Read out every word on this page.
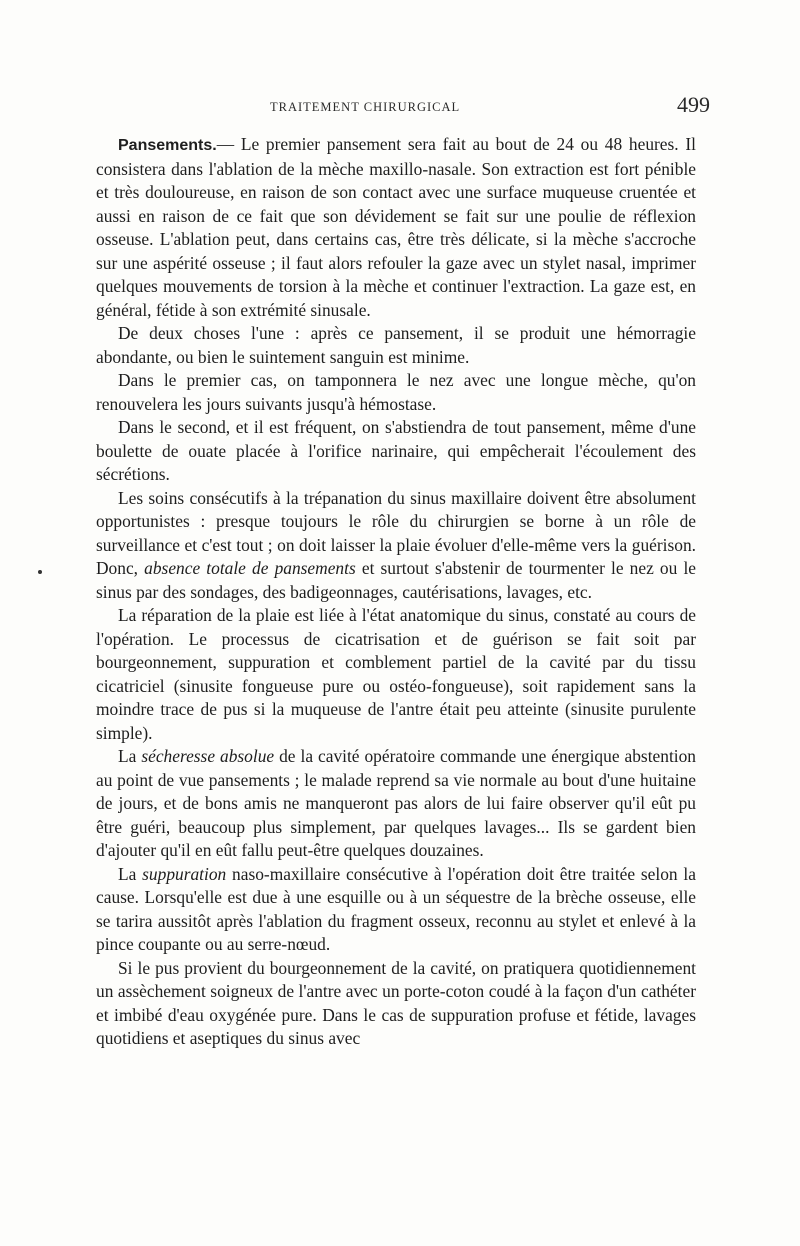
TRAITEMENT CHIRURGICAL	499

Pansements.— Le premier pansement sera fait au bout de 24 ou 48 heures. Il consistera dans l'ablation de la mèche maxillo-nasale. Son extraction est fort pénible et très douloureuse, en raison de son contact avec une surface muqueuse cruentée et aussi en raison de ce fait que son dévidement se fait sur une poulie de réflexion osseuse. L'ablation peut, dans certains cas, être très délicate, si la mèche s'accroche sur une aspérité osseuse ; il faut alors refouler la gaze avec un stylet nasal, imprimer quelques mouvements de torsion à la mèche et continuer l'extraction. La gaze est, en général, fétide à son extrémité sinusale.

De deux choses l'une : après ce pansement, il se produit une hémorragie abondante, ou bien le suintement sanguin est minime.

Dans le premier cas, on tamponnera le nez avec une longue mèche, qu'on renouvelera les jours suivants jusqu'à hémostase.

Dans le second, et il est fréquent, on s'abstiendra de tout pansement, même d'une boulette de ouate placée à l'orifice narinaire, qui empêcherait l'écoulement des sécrétions.

Les soins consécutifs à la trépanation du sinus maxillaire doivent être absolument opportunistes : presque toujours le rôle du chirurgien se borne à un rôle de surveillance et c'est tout ; on doit laisser la plaie évoluer d'elle-même vers la guérison. Donc, absence totale de pansements et surtout s'abstenir de tourmenter le nez ou le sinus par des sondages, des badigeonnages, cautérisations, lavages, etc.

La réparation de la plaie est liée à l'état anatomique du sinus, constaté au cours de l'opération. Le processus de cicatrisation et de guérison se fait soit par bourgeonnement, suppuration et comblement partiel de la cavité par du tissu cicatriciel (sinusite fongueuse pure ou ostéo-fongueuse), soit rapidement sans la moindre trace de pus si la muqueuse de l'antre était peu atteinte (sinusite purulente simple).

La sécheresse absolue de la cavité opératoire commande une énergique abstention au point de vue pansements ; le malade reprend sa vie normale au bout d'une huitaine de jours, et de bons amis ne manqueront pas alors de lui faire observer qu'il eût pu être guéri, beaucoup plus simplement, par quelques lavages... Ils se gardent bien d'ajouter qu'il en eût fallu peut-être quelques douzaines.

La suppuration naso-maxillaire consécutive à l'opération doit être traitée selon la cause. Lorsqu'elle est due à une esquille ou à un séquestre de la brèche osseuse, elle se tarira aussitôt après l'ablation du fragment osseux, reconnu au stylet et enlevé à la pince coupante ou au serre-nœud.

Si le pus provient du bourgeonnement de la cavité, on pratiquera quotidiennement un assèchement soigneux de l'antre avec un porte-coton coudé à la façon d'un cathéter et imbibé d'eau oxygénée pure. Dans le cas de suppuration profuse et fétide, lavages quotidiens et aseptiques du sinus avec
